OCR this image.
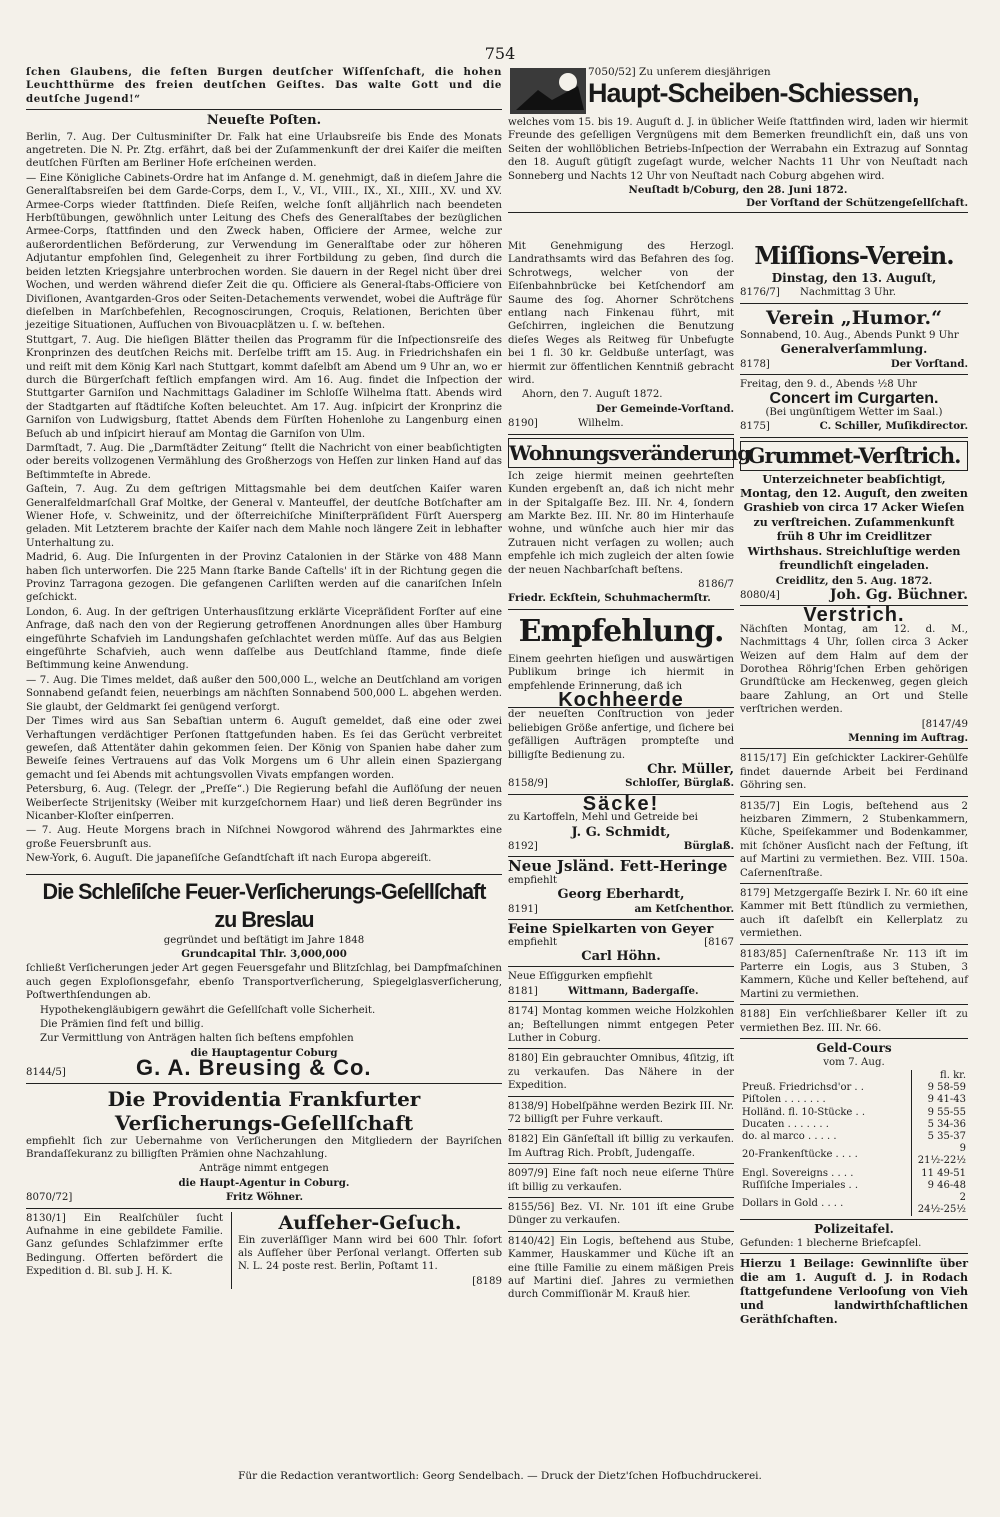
754

ſchen Glaubens, die feſten Burgen deutſcher Wiſſenſchaft, die hohen Leuchtthürme des freien deutſchen Geiſtes. Das walte Gott und die deutſche Jugend!“

Neueſte Poſten.

Berlin, 7. Aug. Der Cultusminiſter Dr. Falk hat eine Urlaubsreiſe bis Ende des Monats angetreten. Die N. Pr. Ztg. erfährt, daß bei der Zuſammenkunft der drei Kaiſer die meiſten deutſchen Fürſten am Berliner Hofe erſcheinen werden.

— Eine Königliche Cabinets-Ordre hat im Anfange d. M. genehmigt, daß in dieſem Jahre die Generalſtabsreiſen bei dem Garde-Corps, dem I., V., VI., VIII., IX., XI., XIII., XV. und XV. Armee-Corps wieder ſtattfinden. Dieſe Reiſen, welche ſonſt alljährlich nach beendeten Herbſtübungen, gewöhnlich unter Leitung des Chefs des Generalſtabes der bezüglichen Armee-Corps, ſtattfinden und den Zweck haben, Officiere der Armee, welche zur außerordentlichen Beförderung, zur Verwendung im Generalſtabe oder zur höheren Adjutantur empfohlen ſind, Gelegenheit zu ihrer Fortbildung zu geben, ſind durch die beiden letzten Kriegsjahre unterbrochen worden. Sie dauern in der Regel nicht über drei Wochen, und werden während dieſer Zeit die qu. Officiere als General-ſtabs-Officiere von Diviſionen, Avantgarden-Gros oder Seiten-Detachements verwendet, wobei die Aufträge für dieſelben in Marſchbefehlen, Recognoscirungen, Croquis, Relationen, Berichten über jezeitige Situationen, Aufſuchen von Bivouacplätzen u. ſ. w. beſtehen.

Stuttgart, 7. Aug. Die hieſigen Blätter theilen das Programm für die Inſpectionsreiſe des Kronprinzen des deutſchen Reichs mit. Derſelbe trifft am 15. Aug. in Friedrichshafen ein und reiſt mit dem König Karl nach Stuttgart, kommt daſelbſt am Abend um 9 Uhr an, wo er durch die Bürgerſchaft feſtlich empfangen wird. Am 16. Aug. findet die Inſpection der Stuttgarter Garniſon und Nachmittags Galadiner im Schloſſe Wilhelma ſtatt. Abends wird der Stadtgarten auf ſtädtiſche Koſten beleuchtet. Am 17. Aug. inſpicirt der Kronprinz die Garniſon von Ludwigsburg, ſtattet Abends dem Fürſten Hohenlohe zu Langenburg einen Beſuch ab und inſpicirt hierauf am Montag die Garniſon von Ulm.

Darmſtadt, 7. Aug. Die „Darmſtädter Zeitung“ ſtellt die Nachricht von einer beabſichtigten oder bereits vollzogenen Vermählung des Großherzogs von Heſſen zur linken Hand auf das Beſtimmteſte in Abrede.

Gaſtein, 7. Aug. Zu dem geſtrigen Mittagsmahle bei dem deutſchen Kaiſer waren Generalfeldmarſchall Graf Moltke, der General v. Manteuffel, der deutſche Botſchafter am Wiener Hofe, v. Schweinitz, und der öſterreichiſche Miniſterpräſident Fürſt Auersperg geladen. Mit Letzterem brachte der Kaiſer nach dem Mahle noch längere Zeit in lebhafter Unterhaltung zu.

Madrid, 6. Aug. Die Inſurgenten in der Provinz Catalonien in der Stärke von 488 Mann haben ſich unterworfen. Die 225 Mann ſtarke Bande Caſtells' iſt in der Richtung gegen die Provinz Tarragona gezogen. Die gefangenen Carliſten werden auf die canariſchen Inſeln geſchickt.

London, 6. Aug. In der geſtrigen Unterhausſitzung erklärte Vicepräſident Forſter auf eine Anfrage, daß nach den von der Regierung getroffenen Anordnungen alles über Hamburg eingeführte Schafvieh im Landungshafen geſchlachtet werden müſſe. Auf das aus Belgien eingeführte Schafvieh, auch wenn daſſelbe aus Deutſchland ſtamme, finde dieſe Beſtimmung keine Anwendung.

— 7. Aug. Die Times meldet, daß außer den 500,000 L., welche an Deutſchland am vorigen Sonnabend geſandt feien, neuerbings am nächſten Sonnabend 500,000 L. abgehen werden. Sie glaubt, der Geldmarkt ſei genügend verſorgt.

Der Times wird aus San Sebaſtian unterm 6. Auguſt gemeldet, daß eine oder zwei Verhaftungen verdächtiger Perſonen ſtattgefunden haben. Es ſei das Gerücht verbreitet geweſen, daß Attentäter dahin gekommen ſeien. Der König von Spanien habe daher zum Beweiſe ſeines Vertrauens auf das Volk Morgens um 6 Uhr allein einen Spaziergang gemacht und ſei Abends mit achtungsvollen Vivats empfangen worden.

Petersburg, 6. Aug. (Telegr. der „Preſſe“.) Die Regierung befahl die Auflöſung der neuen Weiberſecte Strijenitsky (Weiber mit kurzgeſchornem Haar) und ließ deren Begründer ins Nicanber-Kloſter einſperren.

— 7. Aug. Heute Morgens brach in Niſchnei Nowgorod während des Jahrmarktes eine große Feuersbrunſt aus.

New-York, 6. Auguſt. Die japaneſiſche Geſandtſchaft iſt nach Europa abgereiſt.

Die Schleſiſche Feuer-Verſicherungs-Geſellſchaft zu Breslau

gegründet und beſtätigt im Jahre 1848

Grundcapital Thlr. 3,000,000

ſchließt Verſicherungen jeder Art gegen Feuersgefahr und Blitzſchlag, bei Dampfmaſchinen auch gegen Exploſionsgefahr, ebenſo Transportverſicherung, Spiegelglasverſicherung, Poſtwerthſendungen ab.

Hypothekengläubigern gewährt die Geſellſchaft volle Sicherheit.

Die Prämien ſind feſt und billig.

Zur Vermittlung von Anträgen halten ſich beſtens empfohlen

die Hauptagentur Coburg

8144/5]	G. A. Breusing & Co.
Die Providentia Frankfurter Verſicherungs-Geſellſchaft

empfiehlt ſich zur Uebernahme von Verſicherungen den Mitgliedern der Bayriſchen Brandaſſekuranz zu billigſten Prämien ohne Nachzahlung.

Anträge nimmt entgegen

die Haupt-Agentur in Coburg.

8070/72]	Fritz Wöhner.

8130/1] Ein Realſchüler ſucht Aufnahme in eine gebildete Familie. Ganz geſundes Schlafzimmer erſte Bedingung. Offerten befördert die Expedition d. Bl. sub J. H. K.

Aufſeher-Geſuch.

Ein zuverläſſiger Mann wird bei 600 Thlr. ſofort als Aufſeher über Perſonal verlangt. Offerten sub N. L. 24 poste rest. Berlin, Poſtamt 11.

[8189

7050/52] Zu unſerem diesjährigen
Haupt-Scheiben-Schiessen,

welches vom 15. bis 19. Auguſt d. J. in üblicher Weiſe ſtattfinden wird, laden wir hiermit Freunde des geſelligen Vergnügens mit dem Bemerken freundlichſt ein, daß uns von Seiten der wohllöblichen Betriebs-Inſpection der Werrabahn ein Extrazug auf Sonntag den 18. Auguſt gütigſt zugeſagt wurde, welcher Nachts 11 Uhr von Neuſtadt nach Sonneberg und Nachts 12 Uhr von Neuſtadt nach Coburg abgehen wird.

Neuſtadt b/Coburg, den 28. Juni 1872.

Der Vorſtand der Schützengeſellſchaft.

Mit Genehmigung des Herzogl. Landrathsamts wird das Befahren des ſog. Schrotwegs, welcher von der Eiſenbahnbrücke bei Ketſchendorf am Saume des ſog. Ahorner Schrötchens entlang nach Finkenau führt, mit Geſchirren, ingleichen die Benutzung dieſes Weges als Reitweg für Unbefugte bei 1 fl. 30 kr. Geldbuße unterſagt, was hiermit zur öffentlichen Kenntniß gebracht wird.

Ahorn, den 7. Auguſt 1872.

Der Gemeinde-Vorſtand.

8190]	Wilhelm.
Wohnungsveränderung

Ich zeige hiermit meinen geehrteſten Kunden ergebenſt an, daß ich nicht mehr in der Spitalgaſſe Bez. III. Nr. 4, ſondern am Markte Bez. III. Nr. 80 im Hinterhauſe wohne, und wünſche auch hier mir das Zutrauen nicht verſagen zu wollen; auch empfehle ich mich zugleich der alten ſowie der neuen Nachbarſchaft beſtens.

8186/7

Friedr. Eckſtein, Schuhmachermſtr.

Empfehlung.

Einem geehrten hieſigen und auswärtigen Publikum bringe ich hiermit in empfehlende Erinnerung, daß ich

Kochheerde

der neueſten Conſtruction von jeder beliebigen Größe anfertige, und ſichere bei gefälligen Aufträgen prompteſte und billigſte Bedienung zu.

Chr. Müller,

8158/9]	Schloſſer, Bürglaß.
Säcke!

zu Kartoffeln, Mehl und Getreide bei

J. G. Schmidt,

8192]	Bürglaß.
Neue Jsländ. Fett-Heringe

empfiehlt

Georg Eberhardt,

8191]	am Ketſchenthor.
Feine Spielkarten von Geyer
empfiehlt	[8167

Carl Höhn.

Neue Eſſiggurken empfiehlt

8181]	Wittmann, Badergaſſe.

8174] Montag kommen weiche Holzkohlen an; Beſtellungen nimmt entgegen Peter Luther in Coburg.

8180] Ein gebrauchter Omnibus, 4ſitzig, iſt zu verkaufen. Das Nähere in der Expedition.

8138/9] Hobelſpähne werden Bezirk III. Nr. 72 billigſt per Fuhre verkauft.

8182] Ein Gänſeſtall iſt billig zu verkaufen. Im Auftrag Rich. Probſt, Judengaſſe.

8097/9] Eine faſt noch neue eiſerne Thüre iſt billig zu verkaufen.

8155/56] Bez. VI. Nr. 101 iſt eine Grube Dünger zu verkaufen.

8140/42] Ein Logis, beſtehend aus Stube, Kammer, Hauskammer und Küche iſt an eine ſtille Familie zu einem mäßigen Preis auf Martini dieſ. Jahres zu vermiethen durch Commiſſionär M. Krauß hier.

Miſſions-Verein.

Dinstag, den 13. Auguſt,

8176/7]	Nachmittag 3 Uhr.
Verein „Humor.“

Sonnabend, 10. Aug., Abends Punkt 9 Uhr

Generalverſammlung.

8178]	Der Vorſtand.

Freitag, den 9. d., Abends ½8 Uhr

Concert im Curgarten.

(Bei ungünſtigem Wetter im Saal.)

8175]	C. Schiller, Muſikdirector.
Grummet-Verſtrich.

Unterzeichneter beabſichtigt, Montag, den 12. Auguſt, den zweiten Grashieb von circa 17 Acker Wieſen zu verſtreichen. Zuſammenkunft früh 8 Uhr im Creidlitzer Wirthshaus. Streichluſtige werden freundlichſt eingeladen.

Creidlitz, den 5. Aug. 1872.

8080/4]	Joh. Gg. Büchner.
Verstrich.

Nächſten Montag, am 12. d. M., Nachmittags 4 Uhr, ſollen circa 3 Acker Weizen auf dem Halm auf dem der Dorothea Röhrig'ſchen Erben gehörigen Grundſtücke am Heckenweg, gegen gleich baare Zahlung, an Ort und Stelle verſtrichen werden.

[8147/49

Menning im Auftrag.

8115/17] Ein geſchickter Lackirer-Gehülfe findet dauernde Arbeit bei Ferdinand Göhring sen.

8135/7] Ein Logis, beſtehend aus 2 heizbaren Zimmern, 2 Stubenkammern, Küche, Speiſekammer und Bodenkammer, mit ſchöner Ausſicht nach der Feſtung, iſt auf Martini zu vermiethen. Bez. VIII. 150a. Caſernenſtraße.

8179] Metzgergaſſe Bezirk I. Nr. 60 iſt eine Kammer mit Bett ſtündlich zu vermiethen, auch iſt daſelbſt ein Kellerplatz zu vermiethen.

8183/85] Caſernenſtraße Nr. 113 iſt im Parterre ein Logis, aus 3 Stuben, 3 Kammern, Küche und Keller beſtehend, auf Martini zu vermiethen.

8188] Ein verſchließbarer Keller iſt zu vermiethen Bez. III. Nr. 66.

Geld-Cours

vom 7. Aug.

	fl. kr.
Preuß. Friedrichsd'or . .	9 58-59
Piſtolen . . . . . . .	9 41-43
Holländ. fl. 10-Stücke . .	9 55-55
Ducaten . . . . . . .	5 34-36
do. al marco . . . . .	5 35-37
20-Frankenſtücke . . . .	9 21½-22½
Engl. Sovereigns . . . .	11 49-51
Ruſſiſche Imperiales . .	9 46-48
Dollars in Gold . . . .	2 24½-25½
Polizeitafel.

Gefunden: 1 blecherne Briefcapſel.

Hierzu 1 Beilage: Gewinnliſte über die am 1. Auguſt d. J. in Rodach ſtattgefundene Verlooſung von Vieh und landwirthſchaftlichen Geräthſchaften.

Für die Redaction verantwortlich: Georg Sendelbach. — Druck der Dietz'ſchen Hofbuchdruckerei.
